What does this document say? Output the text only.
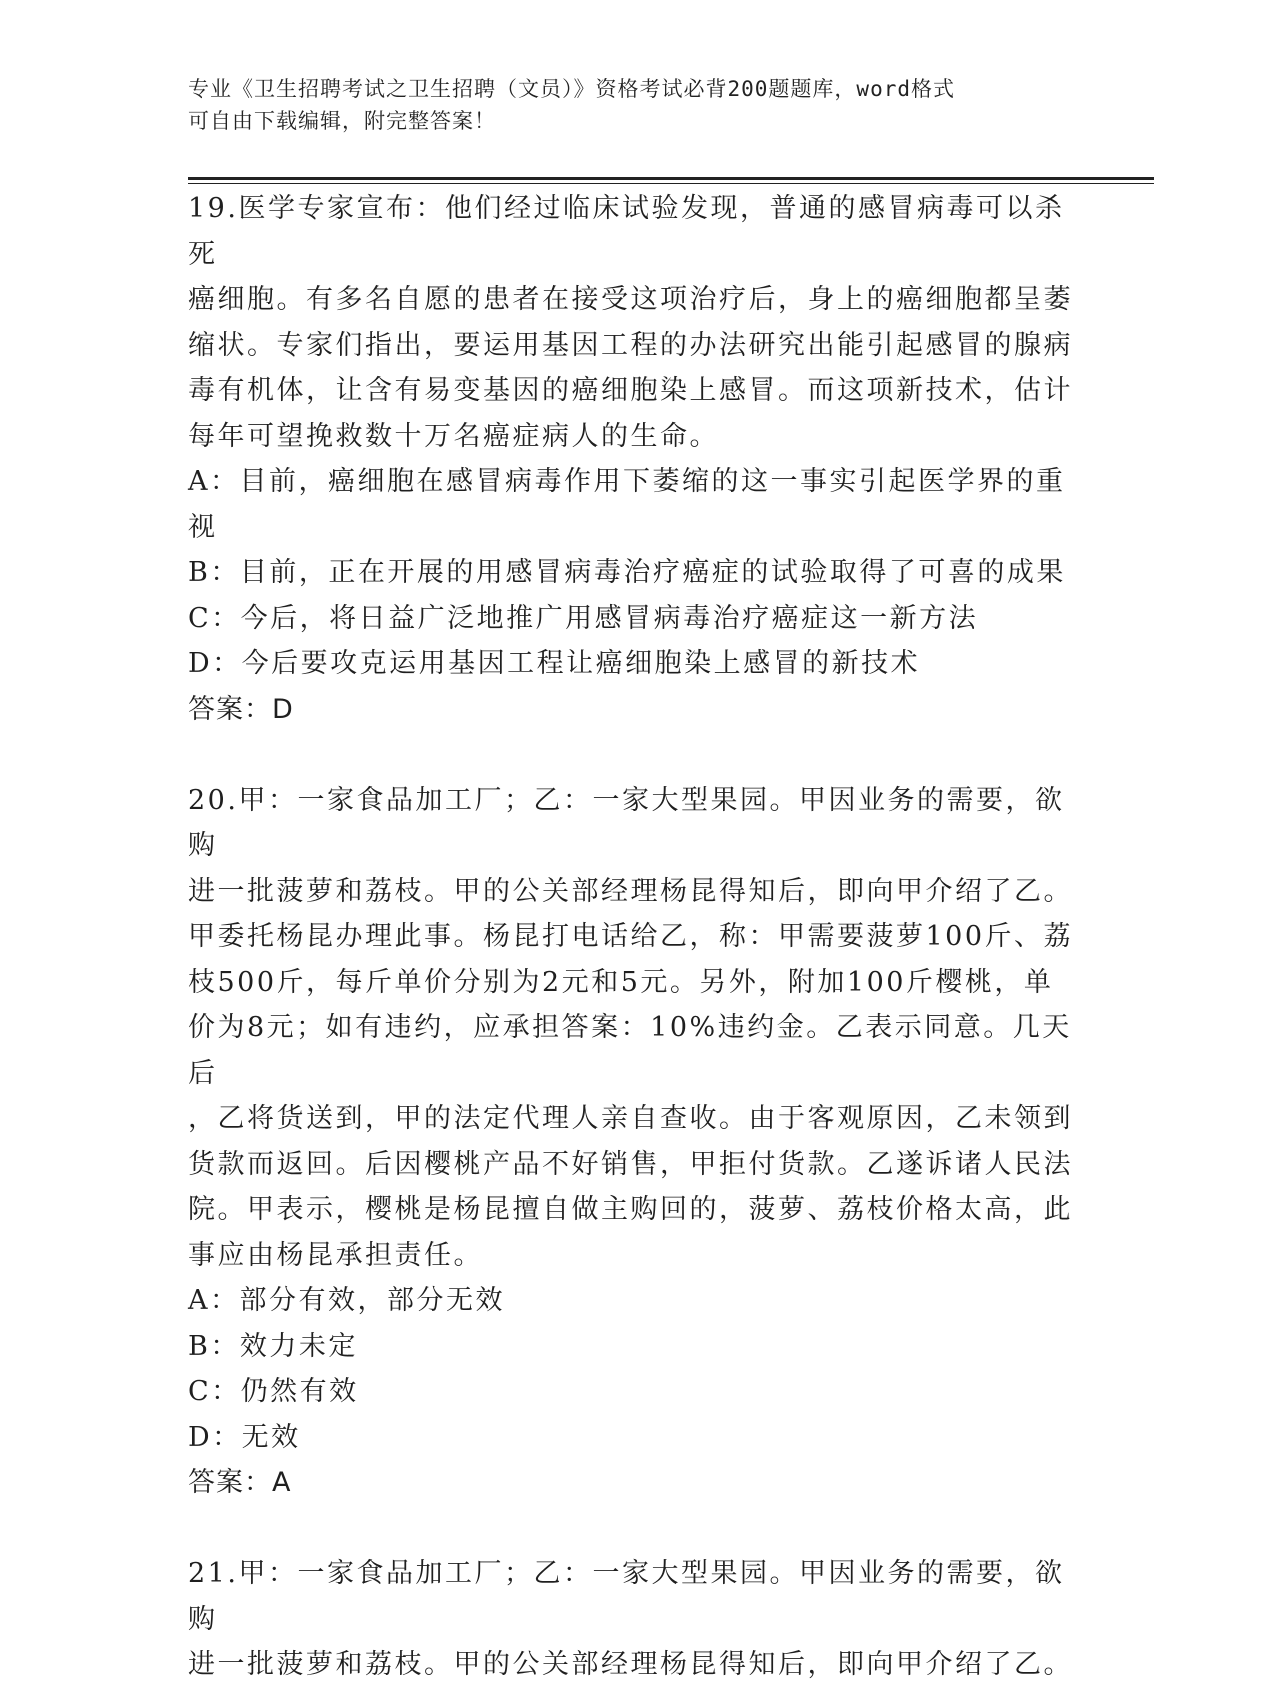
专业《卫生招聘考试之卫生招聘（文员）》资格考试必背200题题库，word格式
可自由下载编辑，附完整答案！
19.医学专家宣布：他们经过临床试验发现，普通的感冒病毒可以杀死
癌细胞。有多名自愿的患者在接受这项治疗后，身上的癌细胞都呈萎
缩状。专家们指出，要运用基因工程的办法研究出能引起感冒的腺病
毒有机体，让含有易变基因的癌细胞染上感冒。而这项新技术，估计
每年可望挽救数十万名癌症病人的生命。
A：目前，癌细胞在感冒病毒作用下萎缩的这一事实引起医学界的重视
B：目前，正在开展的用感冒病毒治疗癌症的试验取得了可喜的成果
C：今后，将日益广泛地推广用感冒病毒治疗癌症这一新方法
D：今后要攻克运用基因工程让癌细胞染上感冒的新技术
答案：D
20.甲：一家食品加工厂；乙：一家大型果园。甲因业务的需要，欲购
进一批菠萝和荔枝。甲的公关部经理杨昆得知后，即向甲介绍了乙。
甲委托杨昆办理此事。杨昆打电话给乙，称：甲需要菠萝100斤、荔
枝500斤，每斤单价分别为2元和5元。另外，附加100斤樱桃，单
价为8元；如有违约，应承担答案：10%违约金。乙表示同意。几天后
，乙将货送到，甲的法定代理人亲自查收。由于客观原因，乙未领到
货款而返回。后因樱桃产品不好销售，甲拒付货款。乙遂诉诸人民法
院。甲表示，樱桃是杨昆擅自做主购回的，菠萝、荔枝价格太高，此
事应由杨昆承担责任。
A：部分有效，部分无效
B：效力未定
C：仍然有效
D：无效
答案：A
21.甲：一家食品加工厂；乙：一家大型果园。甲因业务的需要，欲购
进一批菠萝和荔枝。甲的公关部经理杨昆得知后，即向甲介绍了乙。
